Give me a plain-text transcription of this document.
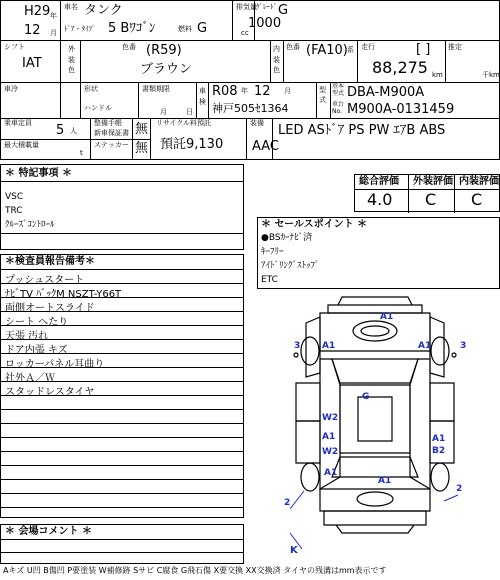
H29 年
12 月
車名 タンク
ﾄﾞｱ・ﾀｲﾌﾟ 5 Bﾜｺﾞﾝ	燃料 G
排気量
1000
cc
ｸﾞﾚｰﾄﾞ G
シフト
IAT
外装色
色番 (R59)
ブラウン
内装色
色番 (FA10) 系 走行	[ ]
88,275 km
推定
千km
車冷	形状
ハンドル
書類期限
月	日
車検
R08 年 12 月
神戸505ｾ1364
型式
基本型式 DBA-M900A
車台No. M900A-0131459
乗車定員 5 人
整備手帳
新車保証書 無
最大積載量
t
ステッカー 無
リサイクル料預託
預託9,130
装備
AAC
LED ASﾄﾞｱ PS PW ｴｱB ABS
＊ 特記事項 ＊
VSC
TRC
ｸﾙｰｽﾞｺﾝﾄﾛｰﾙ
総合評価 外装評価 内装評価
4.0 C C
＊ セールスポイント ＊
●BSｶｰﾅﾋﾞ済
ｷｰﾌﾘｰ
ｱｲﾄﾞﾘﾝｸﾞｽﾄｯﾌﾟ
ETC
＊検査員報告備考＊
プッシュスタート
ﾅﾋﾞTV ﾊﾞｯｸM NSZT-Y66T
両側オートスライド
シート へたり
天張 汚れ
ドア内張 キズ
ロッカーパネル耳曲り
社外Ａ／Ｗ
スタッドレスタイヤ
＊ 会場コメント ＊
Aキズ U凹 B傷凹 P要塗装 W補修跡 Sサビ C腐食 G飛石傷 X要交換 XX交換済 タイヤの残溝はmm表示です
A1
A1	A1
3	3
G
W2
A1
W2
A1
A1
B2
A1
2
2
K
